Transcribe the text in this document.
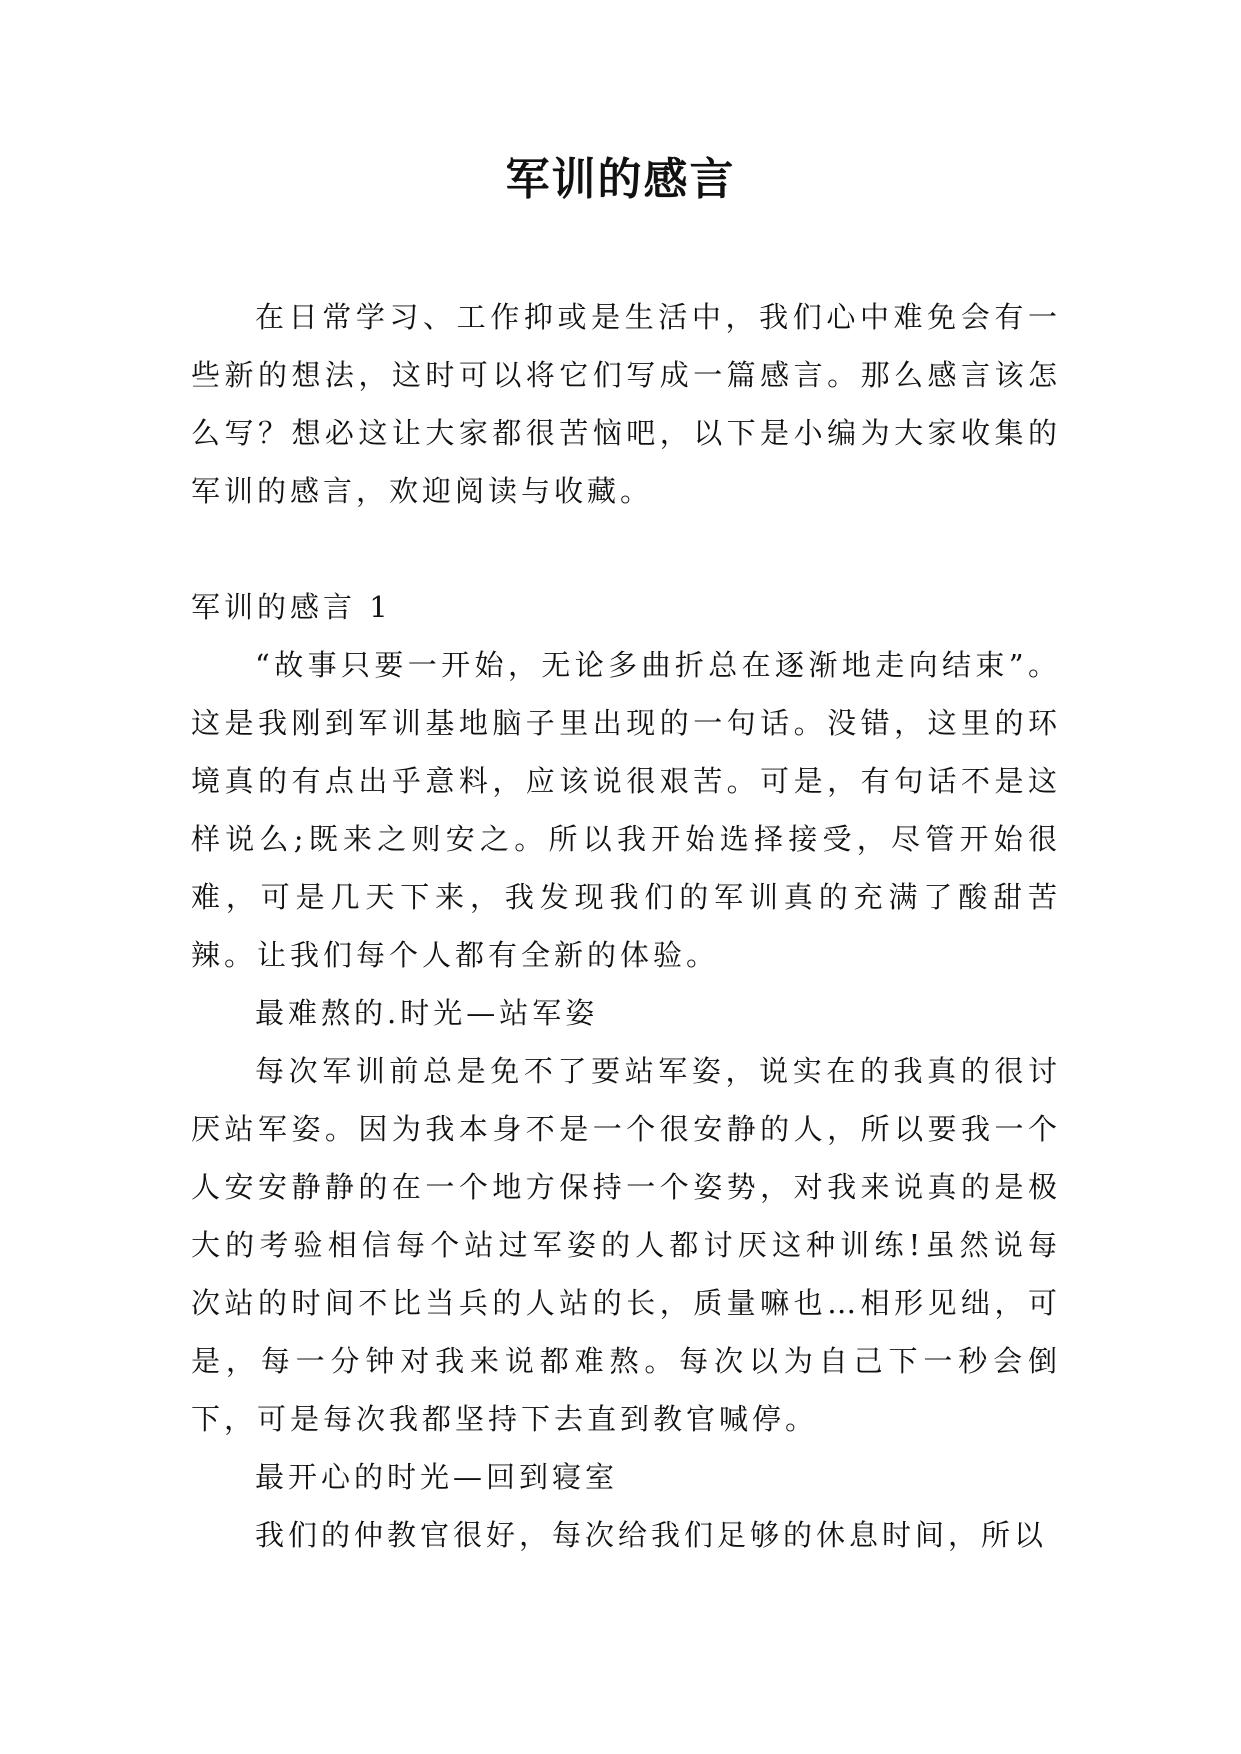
军训的感言

在日常学习、工作抑或是生活中，我们心中难免会有一些新的想法，这时可以将它们写成一篇感言。那么感言该怎么写？想必这让大家都很苦恼吧，以下是小编为大家收集的军训的感言，欢迎阅读与收藏。

军训的感言 1

“故事只要一开始，无论多曲折总在逐渐地走向结束”。这是我刚到军训基地脑子里出现的一句话。没错，这里的环境真的有点出乎意料，应该说很艰苦。可是，有句话不是这样说么;既来之则安之。所以我开始选择接受，尽管开始很难，可是几天下来，我发现我们的军训真的充满了酸甜苦辣。让我们每个人都有全新的体验。

最难熬的.时光—站军姿

每次军训前总是免不了要站军姿，说实在的我真的很讨厌站军姿。因为我本身不是一个很安静的人，所以要我一个人安安静静的在一个地方保持一个姿势，对我来说真的是极大的考验相信每个站过军姿的人都讨厌这种训练!虽然说每次站的时间不比当兵的人站的长，质量嘛也…相形见绌，可是，每一分钟对我来说都难熬。每次以为自己下一秒会倒下，可是每次我都坚持下去直到教官喊停。

最开心的时光—回到寝室

我们的仲教官很好，每次给我们足够的休息时间，所以
